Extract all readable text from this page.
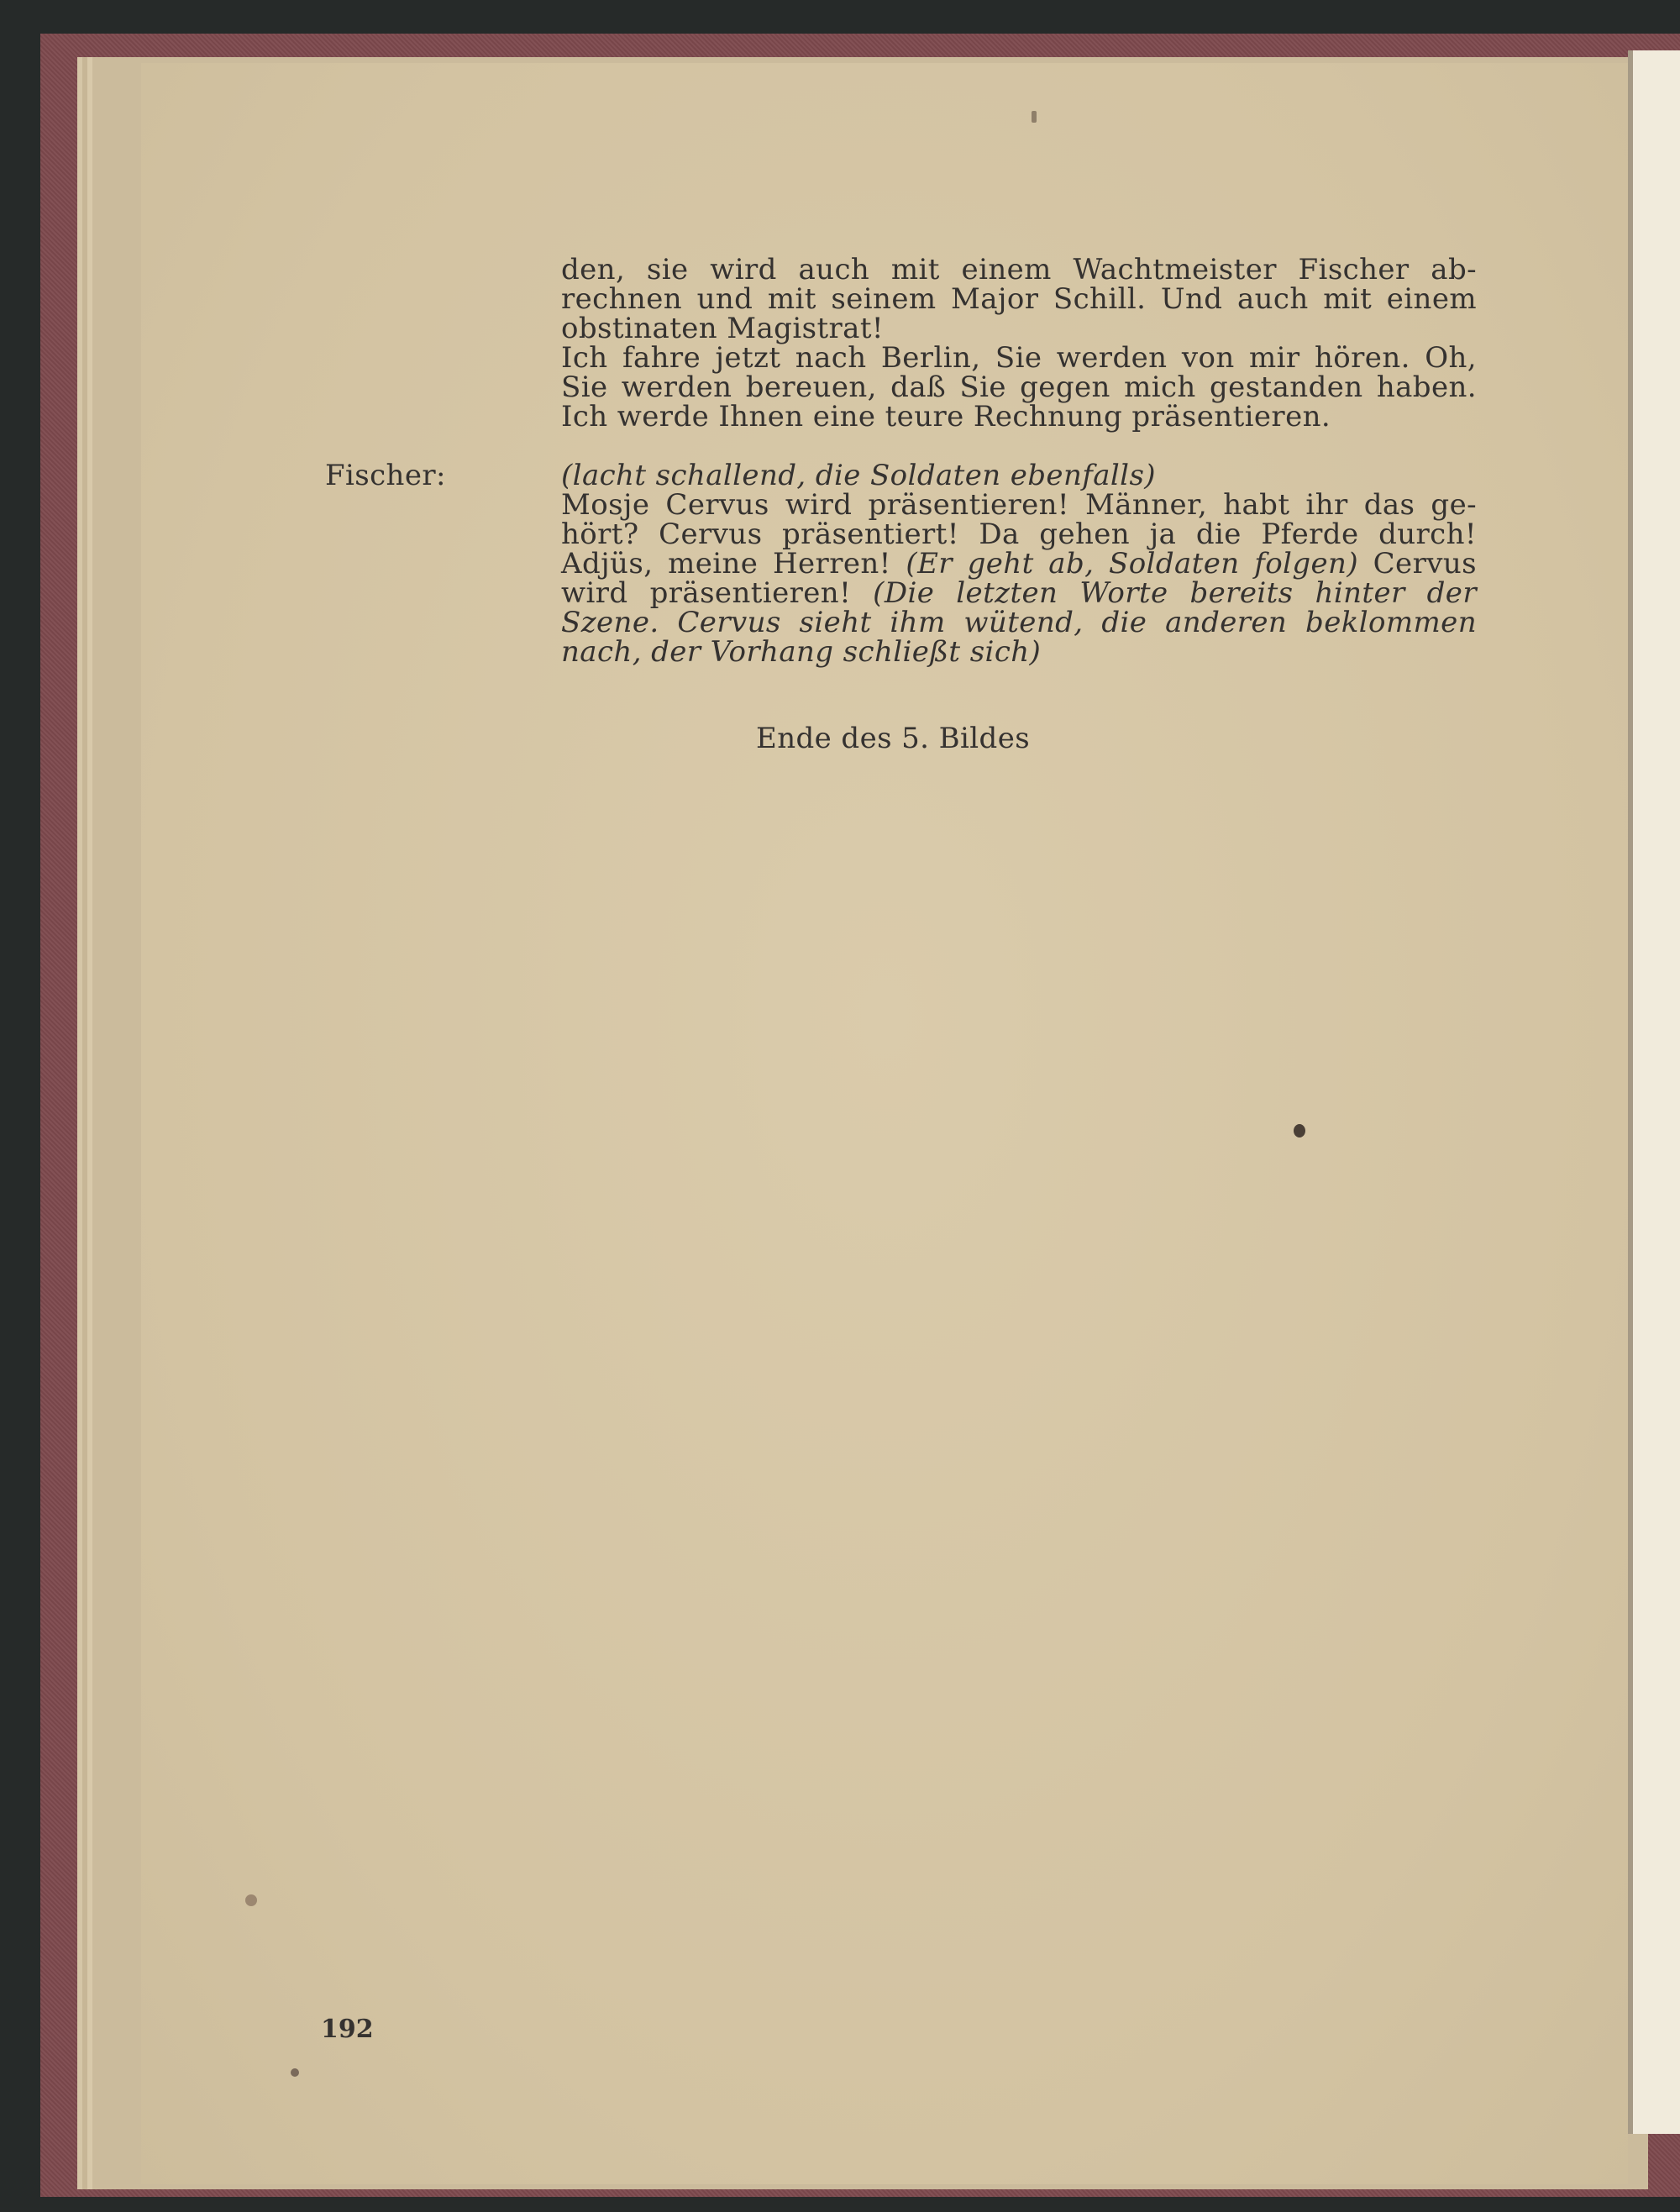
den, sie wird auch mit einem Wachtmeister Fischer ab-
rechnen und mit seinem Major Schill. Und auch mit einem
obstinaten Magistrat!
Ich fahre jetzt nach Berlin, Sie werden von mir hören. Oh,
Sie werden bereuen, daß Sie gegen mich gestanden haben.
Ich werde Ihnen eine teure Rechnung präsentieren.
Fischer:	(lacht schallend, die Soldaten ebenfalls)
Mosje Cervus wird präsentieren! Männer, habt ihr das ge-
hört? Cervus präsentiert! Da gehen ja die Pferde durch!
Adjüs, meine Herren! (Er geht ab, Soldaten folgen) Cervus
wird präsentieren! (Die letzten Worte bereits hinter der
Szene. Cervus sieht ihm wütend, die anderen beklommen
nach, der Vorhang schließt sich)
Ende des 5. Bildes
192
